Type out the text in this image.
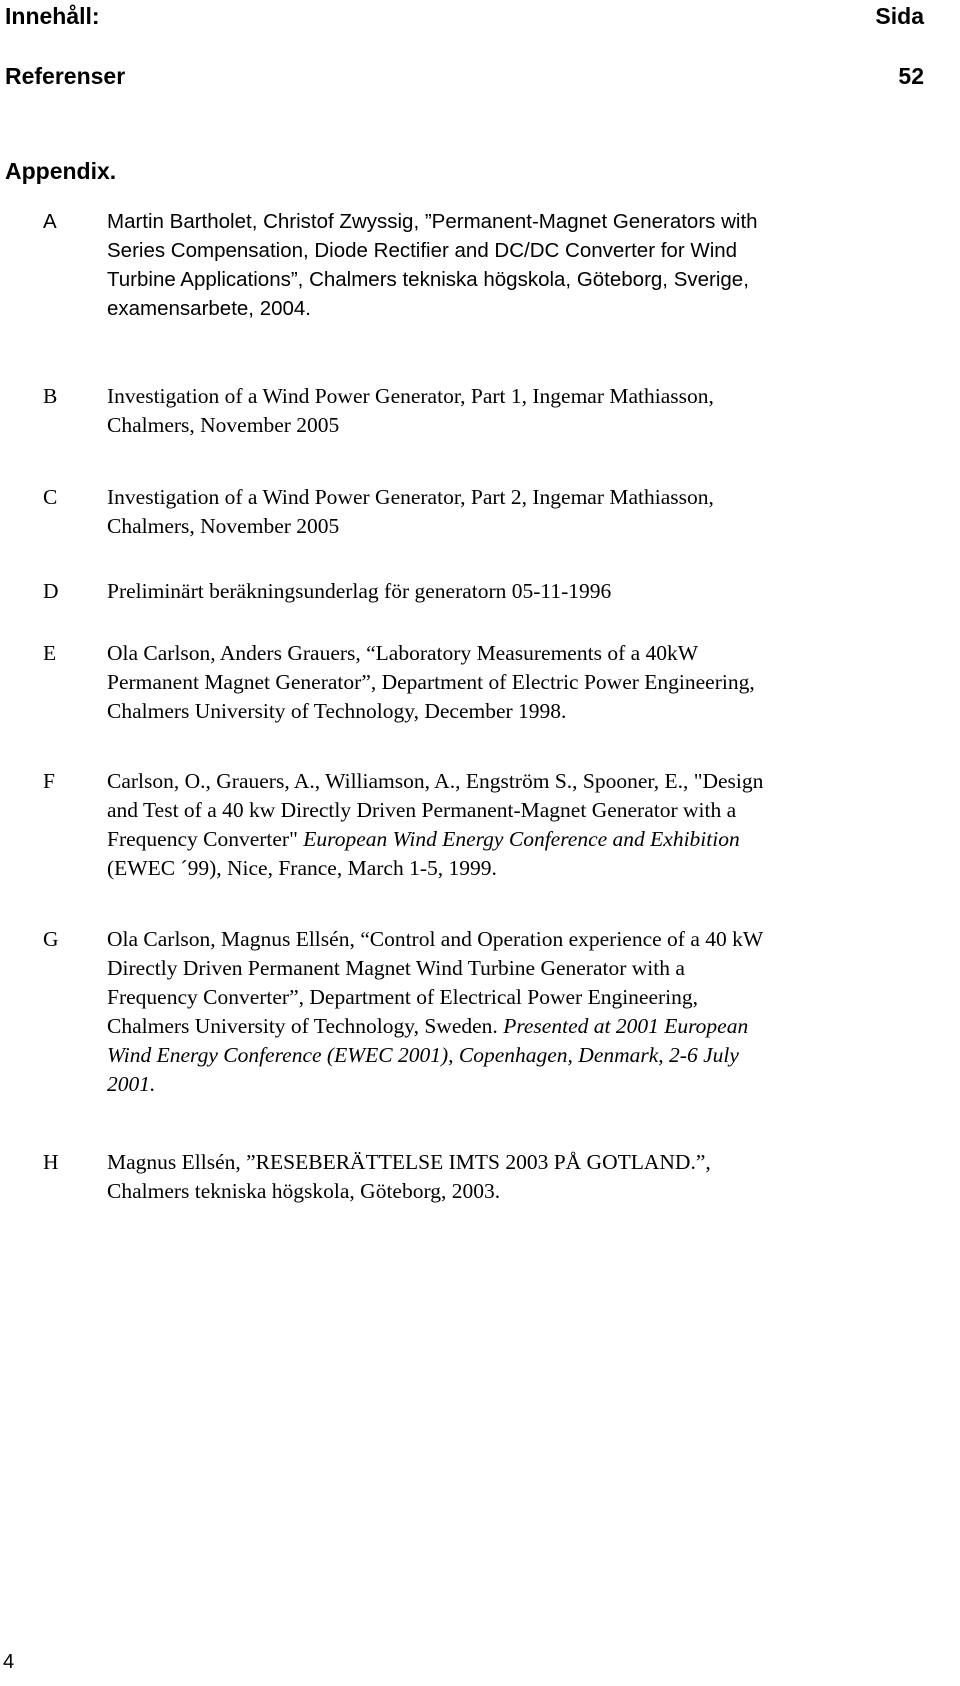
Innehåll:	Sida
Referenser	52
Appendix.
A	Martin Bartholet, Christof Zwyssig, ”Permanent-Magnet Generators with
Series Compensation, Diode Rectifier and DC/DC Converter for Wind
Turbine Applications”, Chalmers tekniska högskola, Göteborg, Sverige,
examensarbete, 2004.
B	Investigation of a Wind Power Generator, Part 1, Ingemar Mathiasson,
Chalmers, November 2005
C	Investigation of a Wind Power Generator, Part 2, Ingemar Mathiasson,
Chalmers, November 2005
D	Preliminärt beräkningsunderlag för generatorn 05-11-1996
E	Ola Carlson, Anders Grauers, “Laboratory Measurements of a 40kW
Permanent Magnet Generator”, Department of Electric Power Engineering,
Chalmers University of Technology, December 1998.
F	Carlson, O., Grauers, A., Williamson, A., Engström S., Spooner, E., "Design
and Test of a 40 kw Directly Driven Permanent-Magnet Generator with a
Frequency Converter" European Wind Energy Conference and Exhibition
(EWEC ´99), Nice, France, March 1-5, 1999.
G	Ola Carlson, Magnus Ellsén, “Control and Operation experience of a 40 kW
Directly Driven Permanent Magnet Wind Turbine Generator with a
Frequency Converter”, Department of Electrical Power Engineering,
Chalmers University of Technology, Sweden. Presented at 2001 European
Wind Energy Conference (EWEC 2001), Copenhagen, Denmark, 2-6 July
2001.
H	Magnus Ellsén, ”RESEBERÄTTELSE IMTS 2003 PÅ GOTLAND.”,
Chalmers tekniska högskola, Göteborg, 2003.
4
